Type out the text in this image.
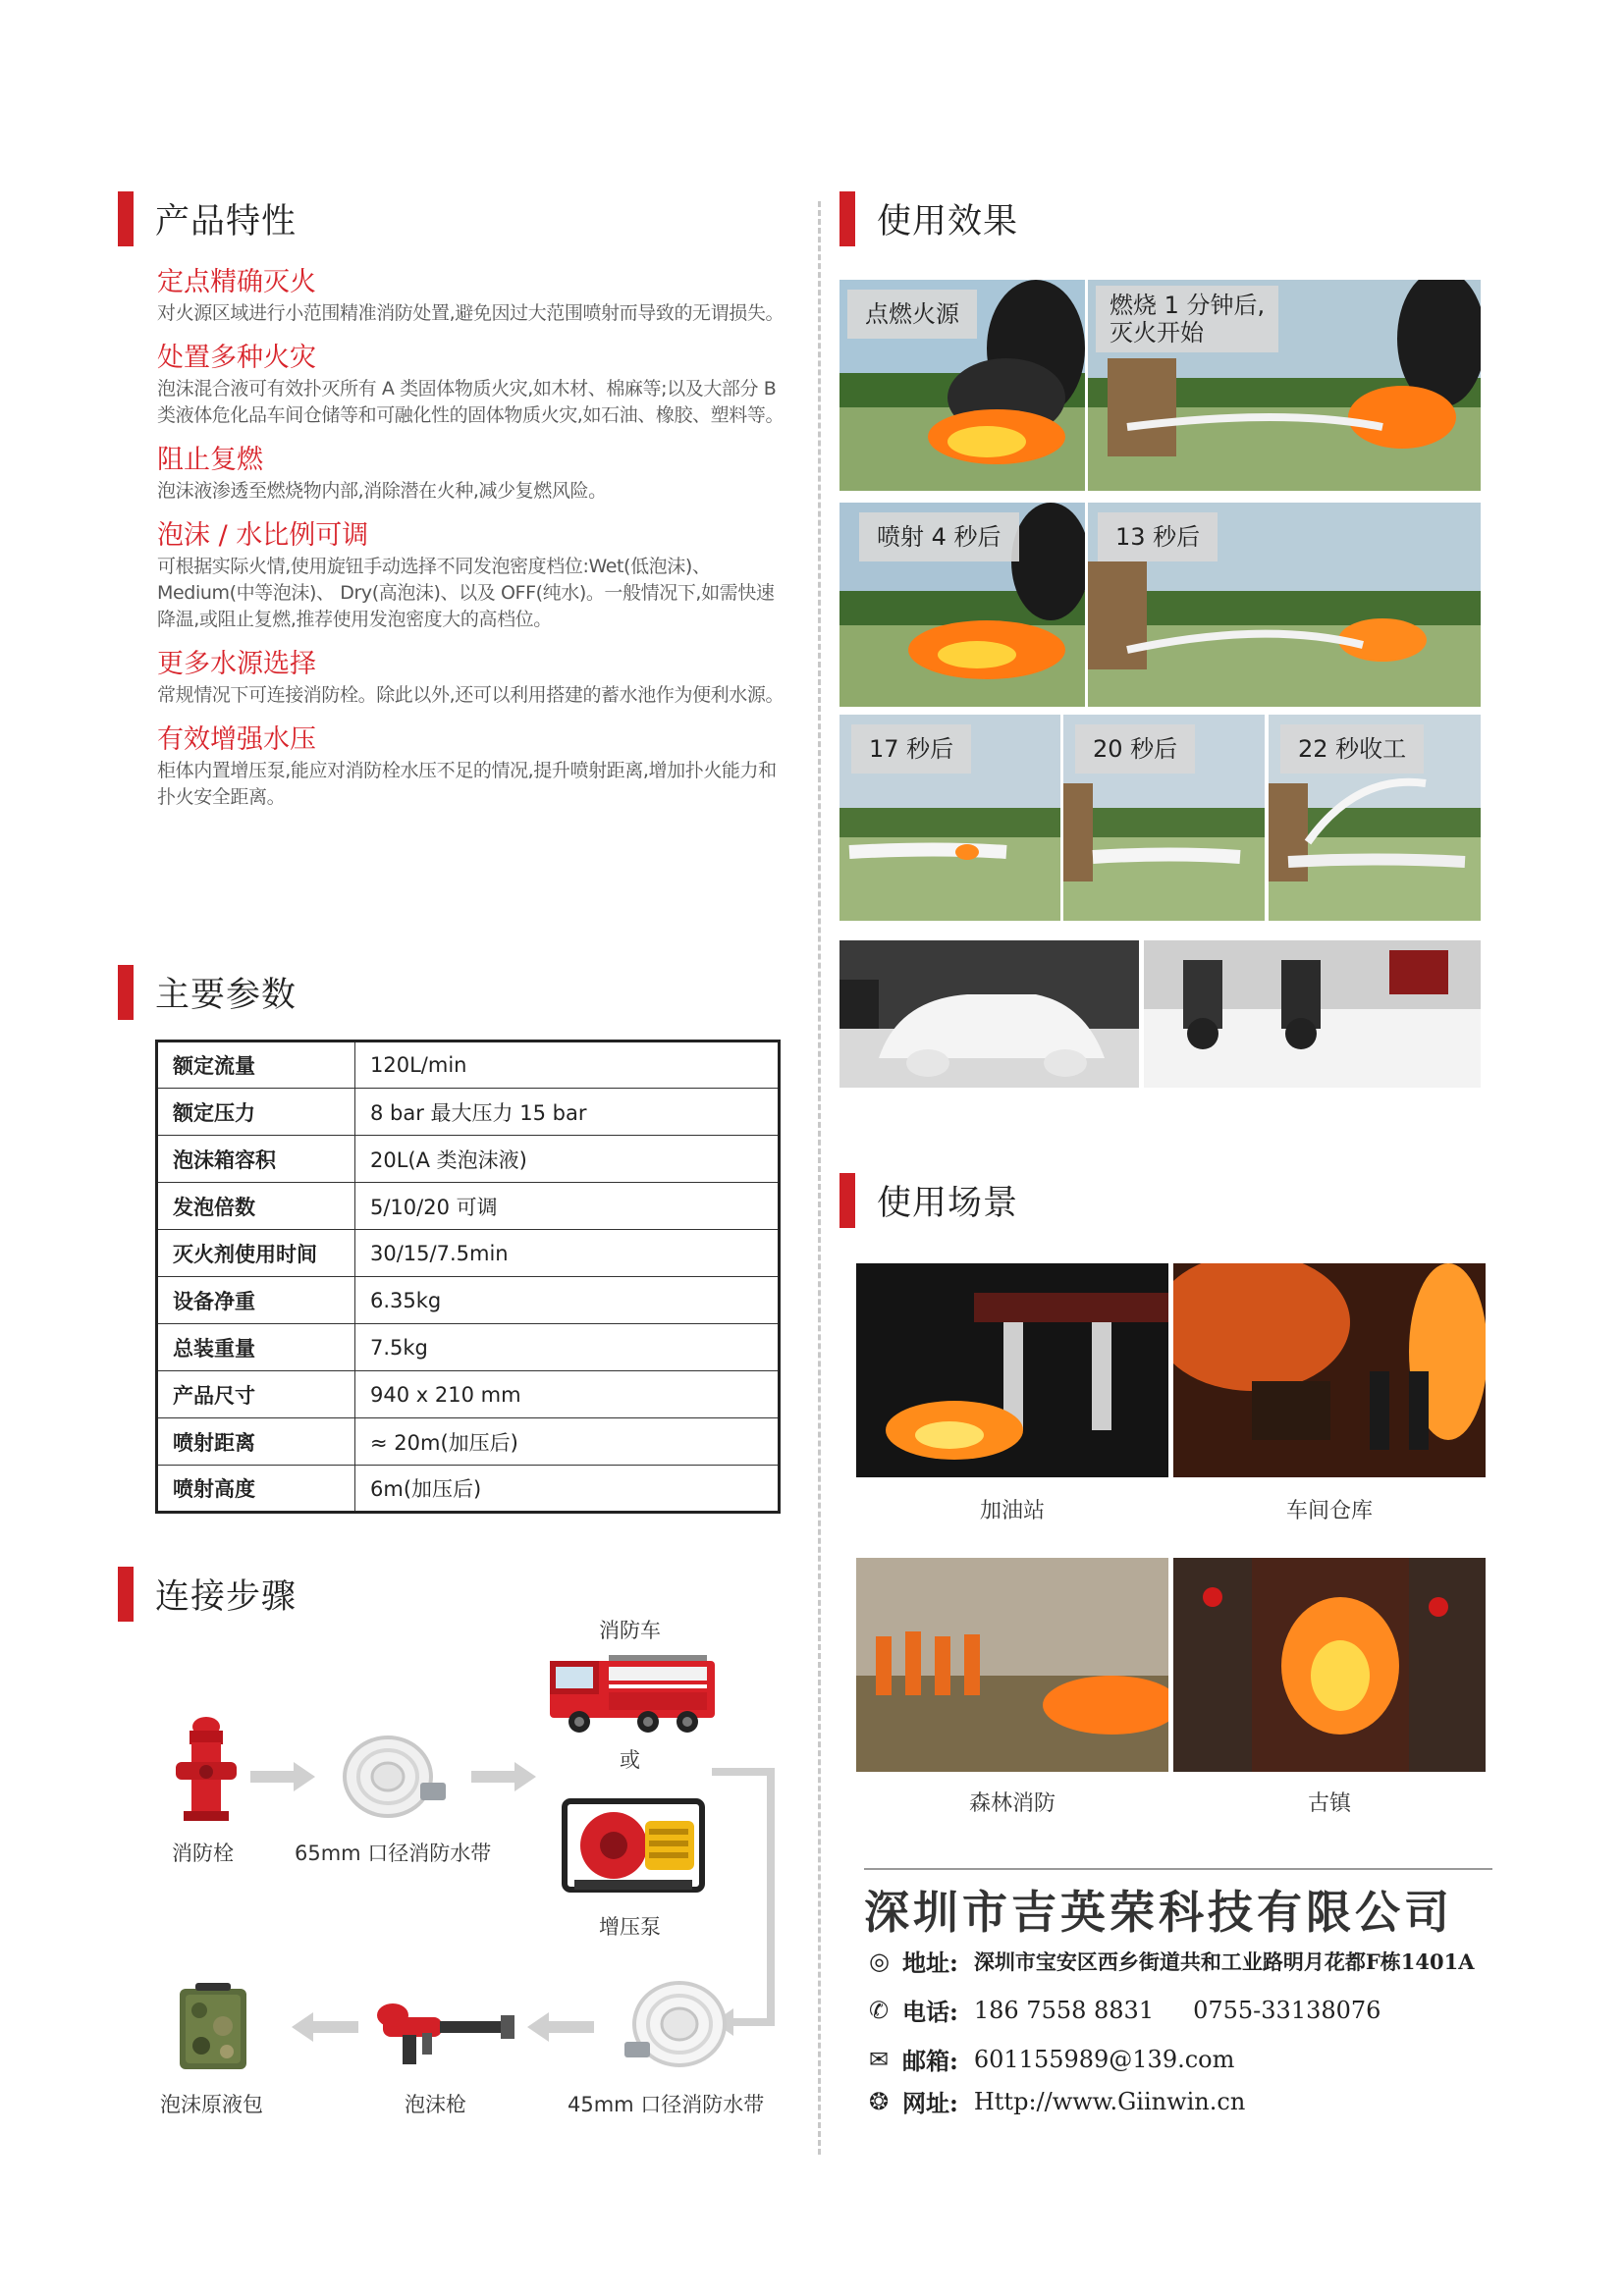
产品特性
主要参数
连接步骤
使用效果
使用场景
定点精确灭火

对火源区域进行小范围精准消防处置,避免因过大范围喷射而导致的无谓损失。

处置多种火灾

泡沫混合液可有效扑灭所有 A 类固体物质火灾,如木材、棉麻等;以及大部分 B 类液体危化品车间仓储等和可融化性的固体物质火灾,如石油、橡胶、塑料等。

阻止复燃

泡沫液渗透至燃烧物内部,消除潜在火种,减少复燃风险。

泡沫 / 水比例可调

可根据实际火情,使用旋钮手动选择不同发泡密度档位:Wet(低泡沫)、 Medium(中等泡沫)、 Dry(高泡沫)、以及 OFF(纯水)。一般情况下,如需快速降温,或阻止复燃,推荐使用发泡密度大的高档位。

更多水源选择

常规情况下可连接消防栓。除此以外,还可以利用搭建的蓄水池作为便利水源。

有效增强水压

柜体内置增压泵,能应对消防栓水压不足的情况,提升喷射距离,增加扑火能力和扑火安全距离。

额定流量	120L/min
额定压力	8 bar 最大压力 15 bar
泡沫箱容积	20L(A 类泡沫液)
发泡倍数	5/10/20 可调
灭火剂使用时间	30/15/7.5min
设备净重	6.35kg
总装重量	7.5kg
产品尺寸	940 x 210 mm
喷射距离	≈ 20m(加压后)
喷射高度	6m(加压后)
消防车
或
增压泵
消防栓	65mm 口径消防水带
45mm 口径消防水带
泡沫枪
泡沫原液包
点燃火源	燃烧 1 分钟后,
灭火开始
喷射 4 秒后	13 秒后
17 秒后	20 秒后	22 秒收工
加油站	车间仓库
森林消防	古镇
深圳市吉英荣科技有限公司
◎ 地址: 深圳市宝安区西乡街道共和工业路明月花都F栋1401A
✆ 电话: 186 7558 8831 0755-33138076
✉ 邮箱: 601155989@139.com
❂ 网址: Http://www.Giinwin.cn
